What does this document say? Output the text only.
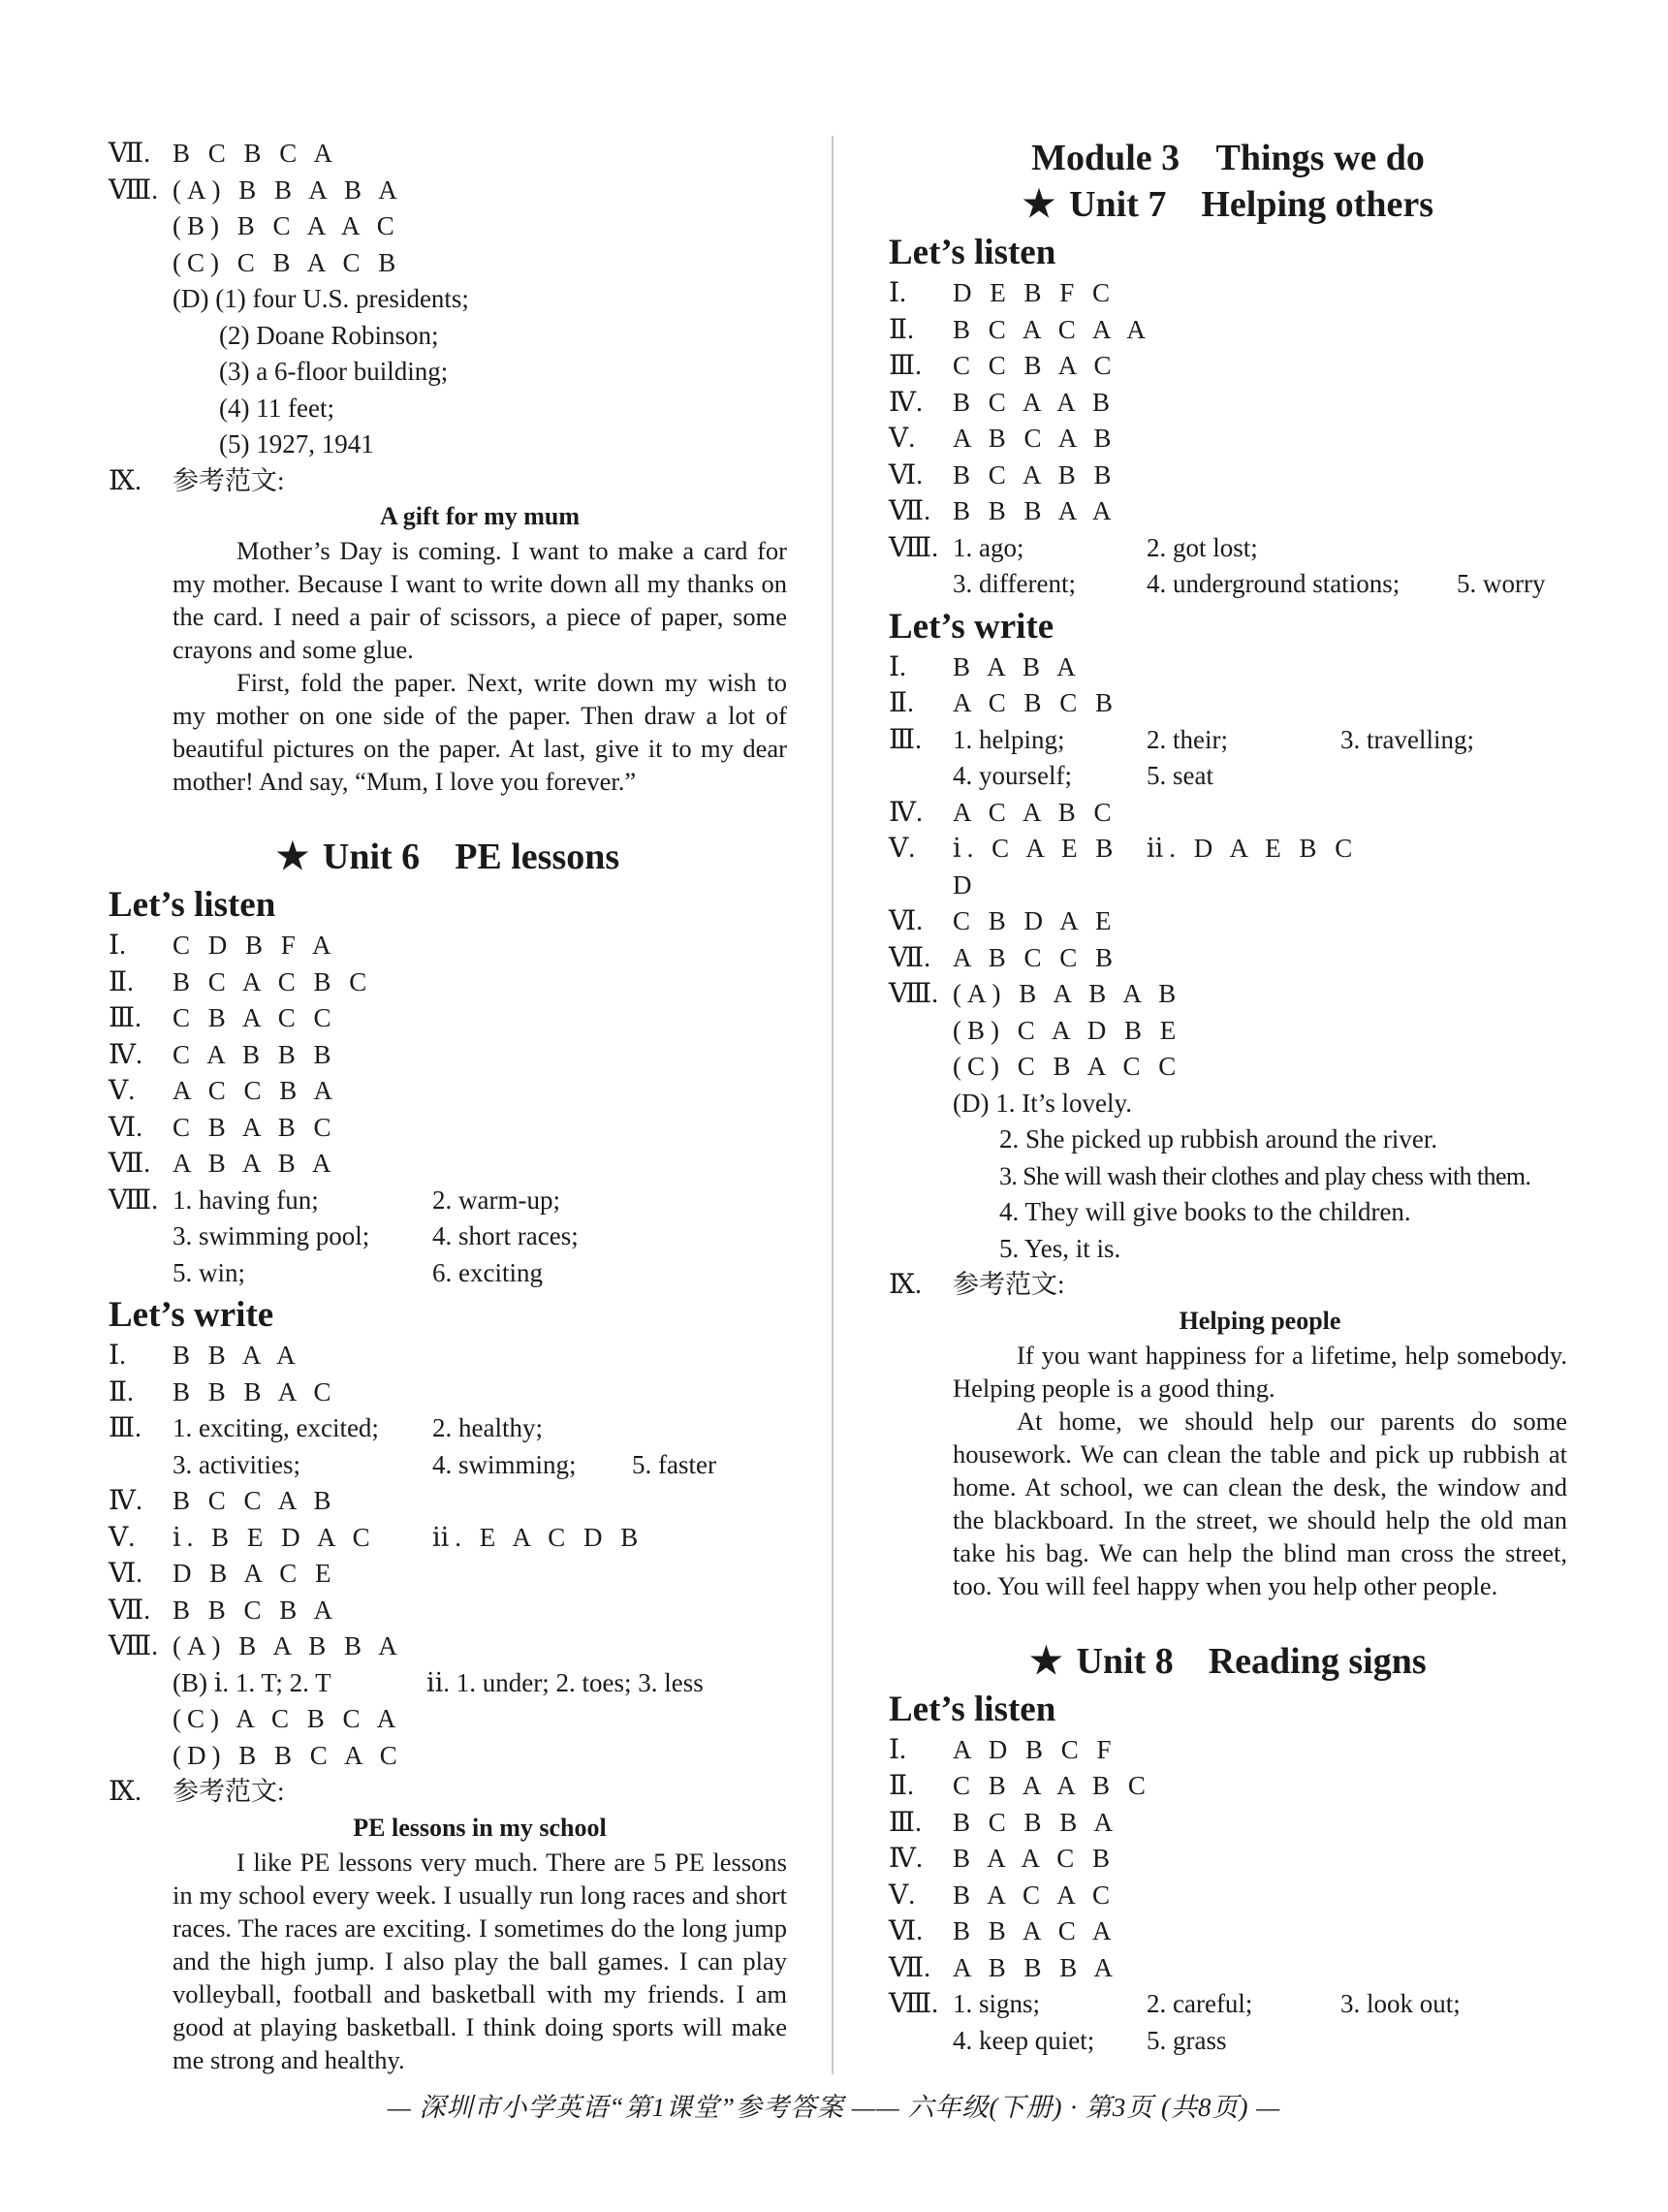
Ⅶ. B C B C A
Ⅷ. (A) B B A B A
(B) B C A A C
(C) C B A C B
(D) (1) four U.S. presidents;
(2) Doane Robinson;
(3) a 6-floor building;
(4) 11 feet;
(5) 1927, 1941
Ⅸ.	参考范文:
A gift for my mum

Mother’s Day is coming. I want to make a card for my mother. Because I want to write down all my thanks on the card. I need a pair of scissors, a piece of paper, some crayons and some glue.

First, fold the paper. Next, write down my wish to my mother on one side of the paper. Then draw a lot of beautiful pictures on the paper. At last, give it to my dear mother! And say, “Mum, I love you forever.”

★ Unit 6 PE lessons
Let’s listen
Ⅰ.	C D B F A
Ⅱ.	B C A C B C
Ⅲ.	C B A C C
Ⅳ.	C A B B B
Ⅴ.	A C C B A
Ⅵ.	C B A B C
Ⅶ. A B A B A
Ⅷ. 1. having fun;	2. warm-up;
3. swimming pool;	4. short races;
5. win;	6. exciting
Let’s write
Ⅰ.	B B A A
Ⅱ.	B B B A C
Ⅲ.	1. exciting, excited;	2. healthy;
3. activities;	4. swimming;	5. faster
Ⅳ.	B C C A B
Ⅴ.	ⅰ. B E D A C	ⅱ. E A C D B
Ⅵ.	D B A C E
Ⅶ. B B C B A
Ⅷ. (A) B A B B A
(B) ⅰ. 1. T; 2. T	ⅱ. 1. under; 2. toes; 3. less
(C) A C B C A
(D) B B C A C
Ⅸ.	参考范文:
PE lessons in my school

I like PE lessons very much. There are 5 PE lessons in my school every week. I usually run long races and short races. The races are exciting. I sometimes do the long jump and the high jump. I also play the ball games. I can play volleyball, football and basketball with my friends. I am good at playing basketball. I think doing sports will make me strong and healthy.

Module 3    Things we do
★ Unit 7 Helping others
Let’s listen
Ⅰ.	D E B F C
Ⅱ.	B C A C A A
Ⅲ.	C C B A C
Ⅳ.	B C A A B
Ⅴ.	A B C A B
Ⅵ.	B C A B B
Ⅶ. B B B A A
Ⅷ. 1. ago;	2. got lost;
3. different;	4. underground stations;	5. worry
Let’s write
Ⅰ.	B A B A
Ⅱ.	A C B C B
Ⅲ.	1. helping;	2. their;	3. travelling;
4. yourself;	5. seat
Ⅳ.	A C A B C
Ⅴ.	ⅰ. C A E B D
ⅱ. D A E B C
Ⅵ.	C B D A E
Ⅶ. A B C C B
Ⅷ. (A) B A B A B
(B) C A D B E
(C) C B A C C
(D) 1. It’s lovely.
2. She picked up rubbish around the river.
3. She will wash their clothes and play chess with them.
4. They will give books to the children.
5. Yes, it is.
Ⅸ.	参考范文:
Helping people

If you want happiness for a lifetime, help somebody. Helping people is a good thing.

At home, we should help our parents do some housework. We can clean the table and pick up rubbish at home. At school, we can clean the desk, the window and the blackboard. In the street, we should help the old man take his bag. We can help the blind man cross the street, too. You will feel happy when you help other people.

★ Unit 8 Reading signs
Let’s listen
Ⅰ.	A D B C F
Ⅱ.	C B A A B C
Ⅲ.	B C B B A
Ⅳ.	B A A C B
Ⅴ.	B A C A C
Ⅵ.	B B A C A
Ⅶ. A B B B A
Ⅷ. 1. signs;	2. careful;	3. look out;
4. keep quiet;	5. grass
— 深圳市小学英语“第1课堂”参考答案 —— 六年级(下册) · 第3页 (共8页) —
